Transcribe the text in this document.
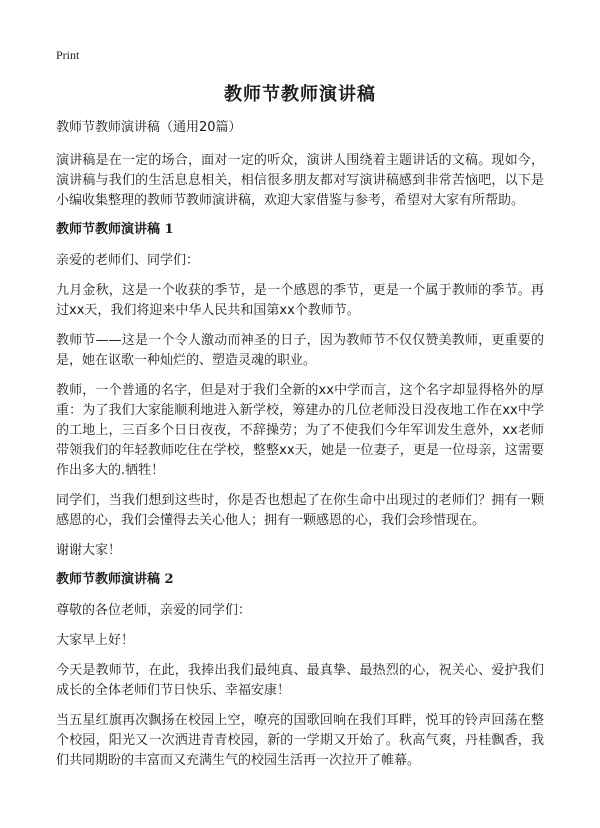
Print
教师节教师演讲稿
教师节教师演讲稿（通用20篇）

演讲稿是在一定的场合，面对一定的听众，演讲人围绕着主题讲话的文稿。现如今，演讲稿与我们的生活息息相关，相信很多朋友都对写演讲稿感到非常苦恼吧，以下是小编收集整理的教师节教师演讲稿，欢迎大家借鉴与参考，希望对大家有所帮助。

教师节教师演讲稿 1

亲爱的老师们、同学们：

九月金秋，这是一个收获的季节，是一个感恩的季节，更是一个属于教师的季节。再过xx天，我们将迎来中华人民共和国第xx个教师节。

教师节——这是一个令人激动而神圣的日子，因为教师节不仅仅赞美教师，更重要的是，她在讴歌一种灿烂的、塑造灵魂的职业。

教师，一个普通的名字，但是对于我们全新的xx中学而言，这个名字却显得格外的厚重：为了我们大家能顺利地进入新学校，筹建办的几位老师没日没夜地工作在xx中学的工地上，三百多个日日夜夜，不辞操劳；为了不使我们今年军训发生意外，xx老师带领我们的年轻教师吃住在学校，整整xx天，她是一位妻子，更是一位母亲，这需要作出多大的.牺牲！

同学们，当我们想到这些时，你是否也想起了在你生命中出现过的老师们？拥有一颗感恩的心，我们会懂得去关心他人；拥有一颗感恩的心，我们会珍惜现在。

谢谢大家！

教师节教师演讲稿 2

尊敬的各位老师，亲爱的同学们：

大家早上好！

今天是教师节，在此，我捧出我们最纯真、最真挚、最热烈的心，祝关心、爱护我们成长的全体老师们节日快乐、幸福安康！

当五星红旗再次飘扬在校园上空，嘹亮的国歌回响在我们耳畔，悦耳的铃声回荡在整个校园，阳光又一次洒进青青校园，新的一学期又开始了。秋高气爽，丹桂飘香，我们共同期盼的丰富而又充满生气的校园生活再一次拉开了帷幕。
